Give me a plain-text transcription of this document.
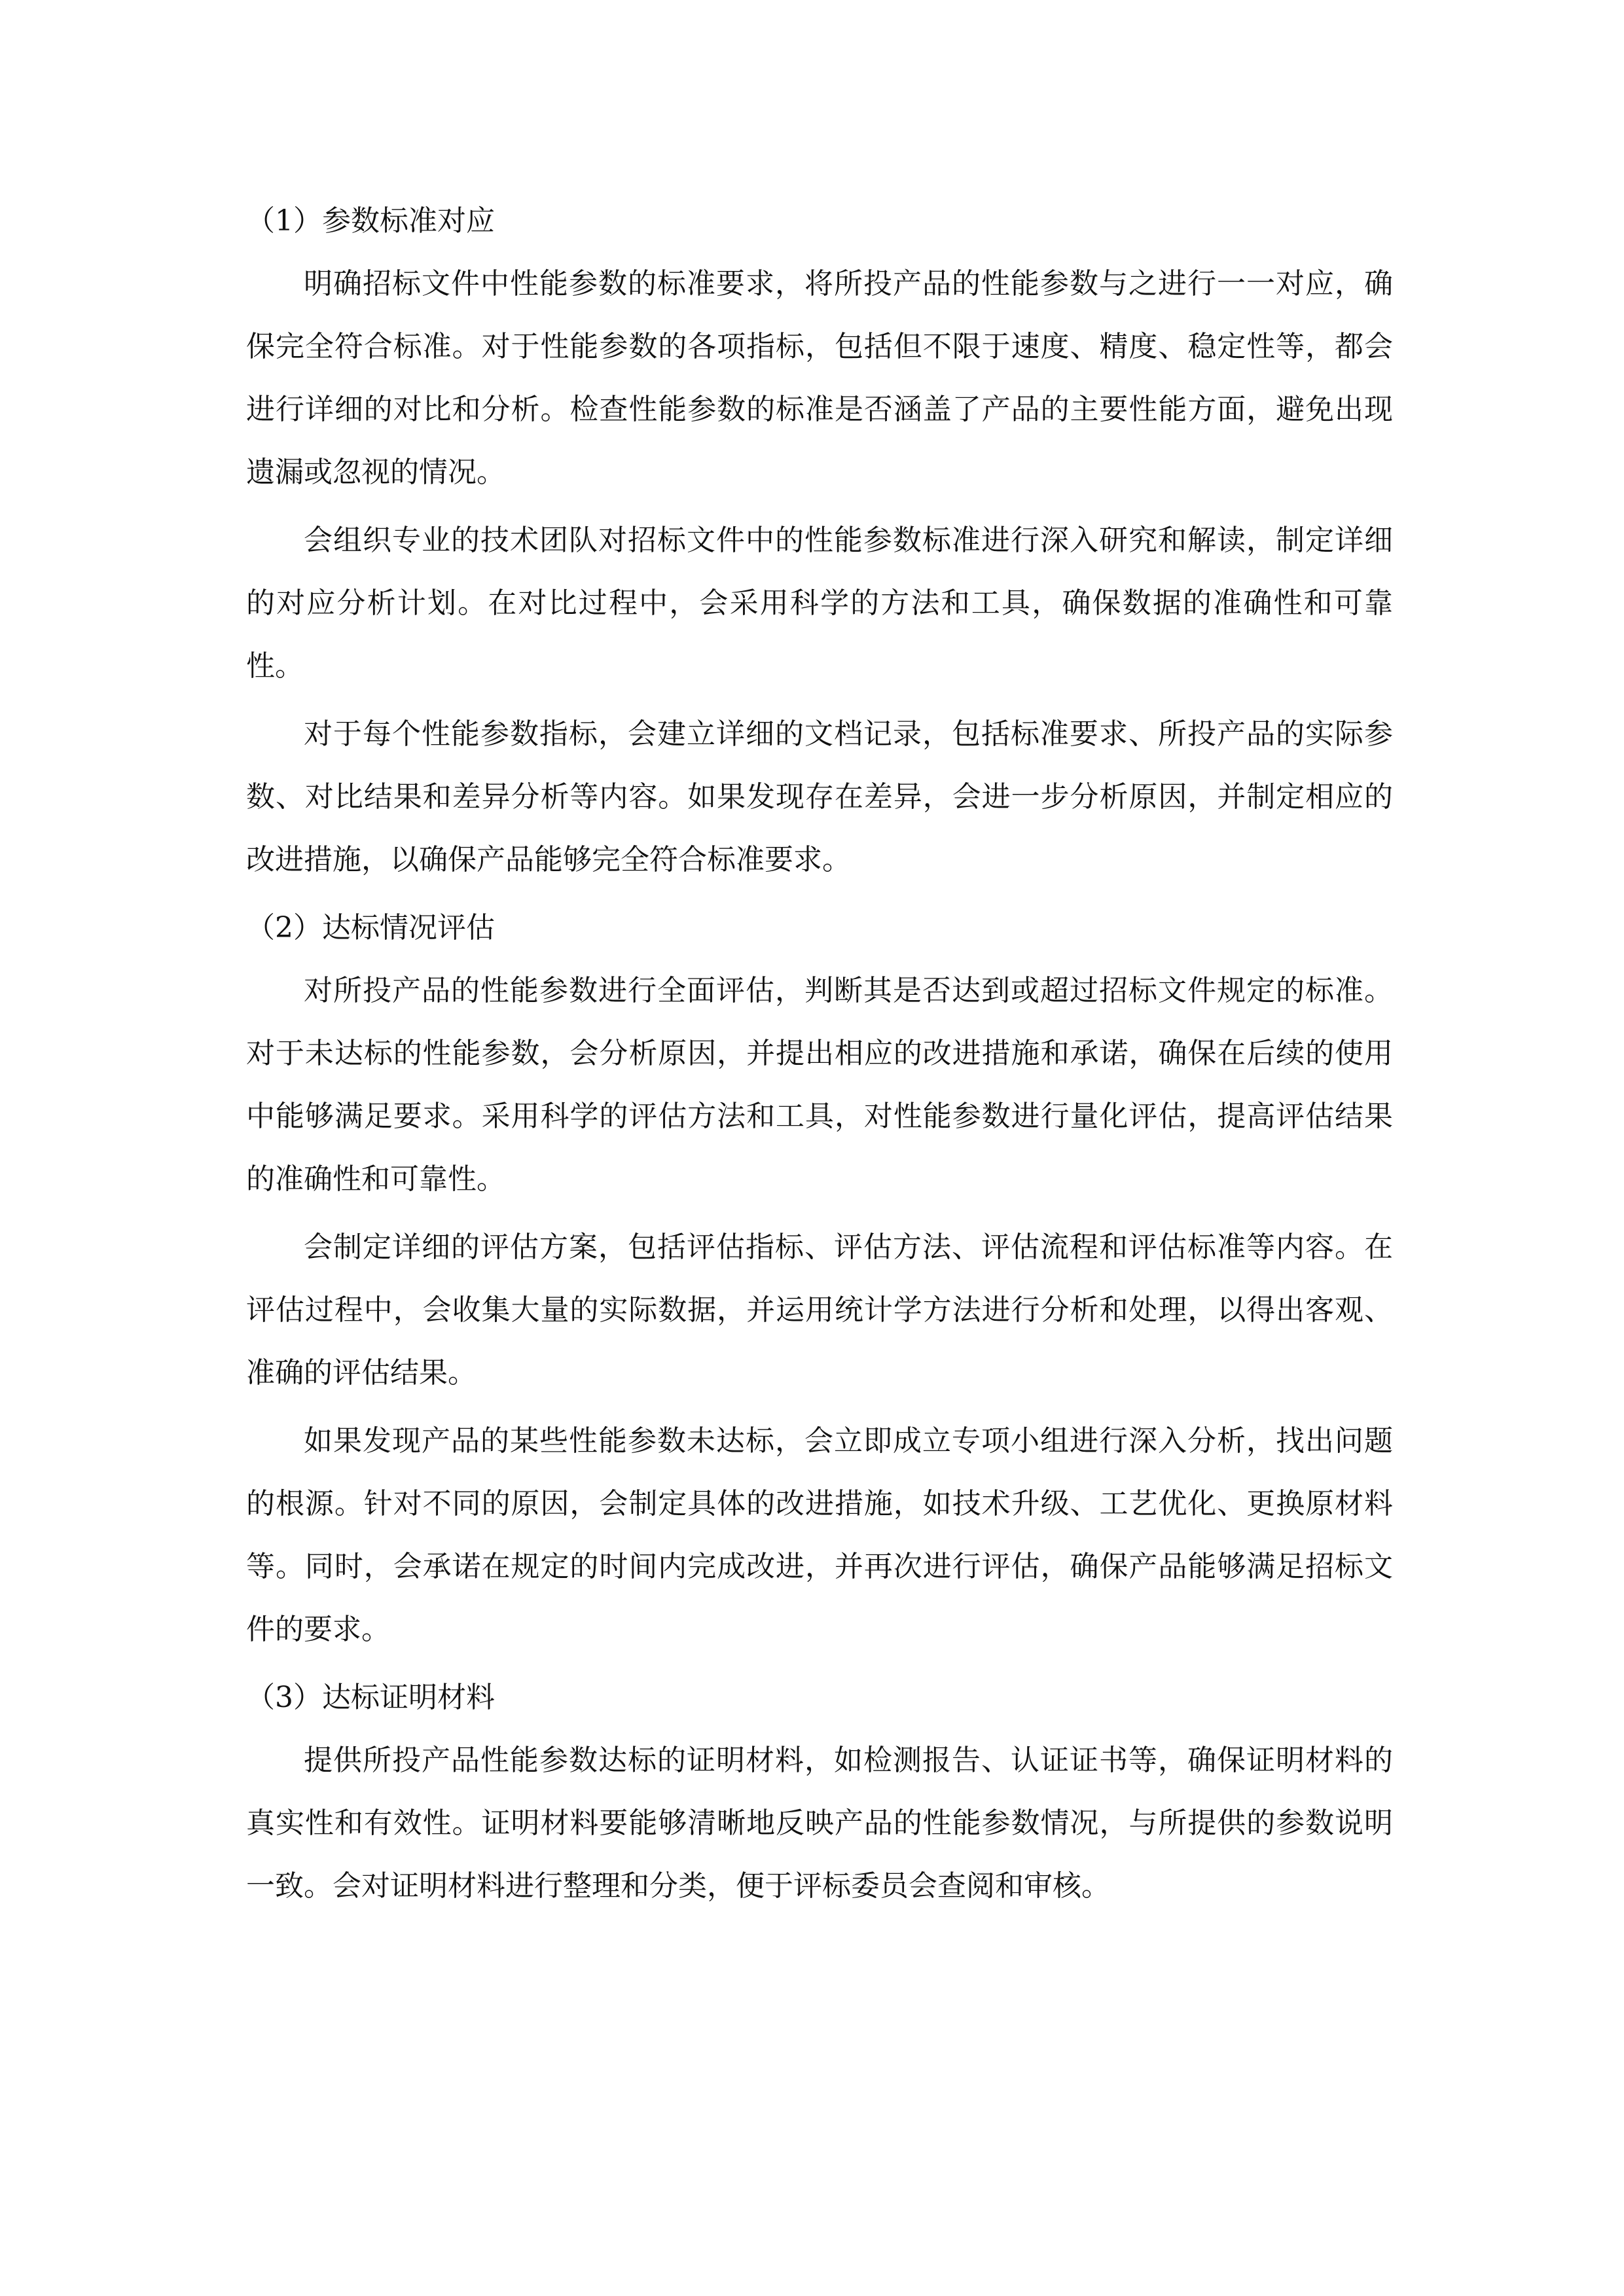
（1）参数标准对应

明确招标文件中性能参数的标准要求，将所投产品的性能参数与之进行一一对应，确保完全符合标准。对于性能参数的各项指标，包括但不限于速度、精度、稳定性等，都会进行详细的对比和分析。检查性能参数的标准是否涵盖了产品的主要性能方面，避免出现遗漏或忽视的情况。

会组织专业的技术团队对招标文件中的性能参数标准进行深入研究和解读，制定详细的对应分析计划。在对比过程中，会采用科学的方法和工具，确保数据的准确性和可靠性。

对于每个性能参数指标，会建立详细的文档记录，包括标准要求、所投产品的实际参数、对比结果和差异分析等内容。如果发现存在差异，会进一步分析原因，并制定相应的改进措施，以确保产品能够完全符合标准要求。

（2）达标情况评估

对所投产品的性能参数进行全面评估，判断其是否达到或超过招标文件规定的标准。对于未达标的性能参数，会分析原因，并提出相应的改进措施和承诺，确保在后续的使用中能够满足要求。采用科学的评估方法和工具，对性能参数进行量化评估，提高评估结果的准确性和可靠性。

会制定详细的评估方案，包括评估指标、评估方法、评估流程和评估标准等内容。在评估过程中，会收集大量的实际数据，并运用统计学方法进行分析和处理，以得出客观、准确的评估结果。

如果发现产品的某些性能参数未达标，会立即成立专项小组进行深入分析，找出问题的根源。针对不同的原因，会制定具体的改进措施，如技术升级、工艺优化、更换原材料等。同时，会承诺在规定的时间内完成改进，并再次进行评估，确保产品能够满足招标文件的要求。

（3）达标证明材料

提供所投产品性能参数达标的证明材料，如检测报告、认证证书等，确保证明材料的真实性和有效性。证明材料要能够清晰地反映产品的性能参数情况，与所提供的参数说明一致。会对证明材料进行整理和分类，便于评标委员会查阅和审核。
